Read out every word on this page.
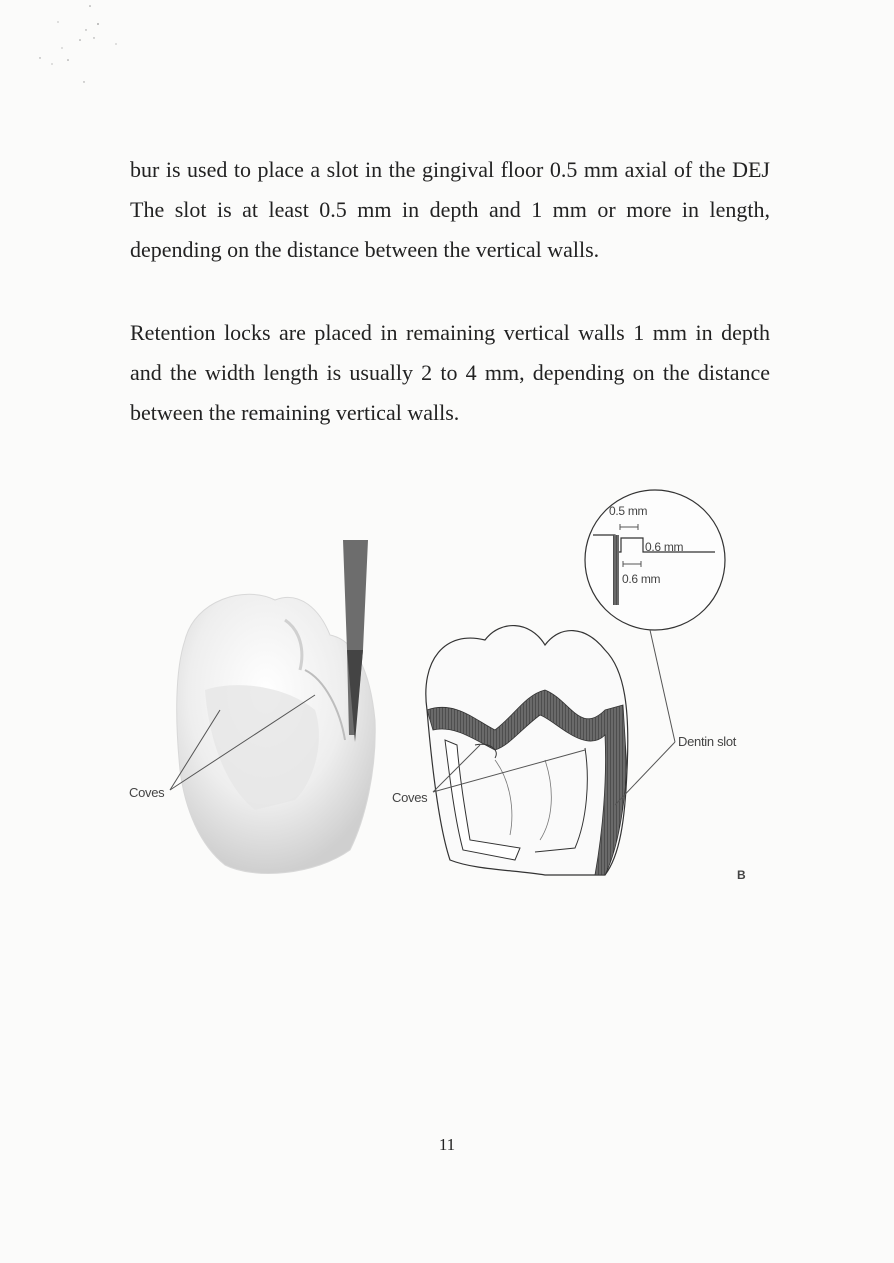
bur is used to place a slot in the gingival floor 0.5 mm axial of the DEJ The slot is at least 0.5 mm in depth and 1 mm or more in length, depending on the distance between the vertical walls.

Retention locks are placed in remaining vertical walls 1 mm in depth and the width length is usually 2 to 4 mm, depending on the distance between the remaining vertical walls.

Coves	Coves
Dentin slot
0.5 mm
0.6 mm
0.6 mm
B
11
